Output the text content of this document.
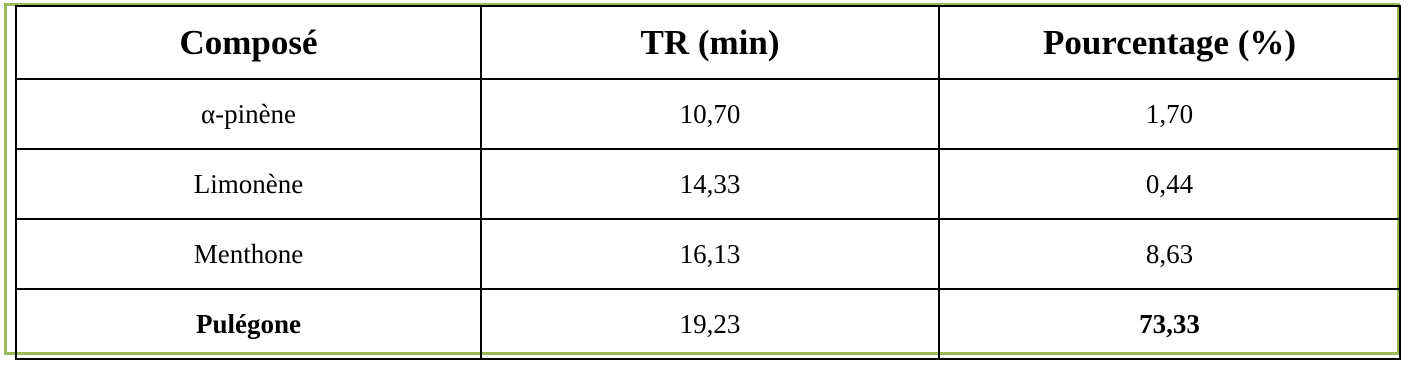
Composé	TR (min)	Pourcentage (%)
α-pinène	10,70	1,70
Limonène	14,33	0,44
Menthone	16,13	8,63
Pulégone	19,23	73,33
